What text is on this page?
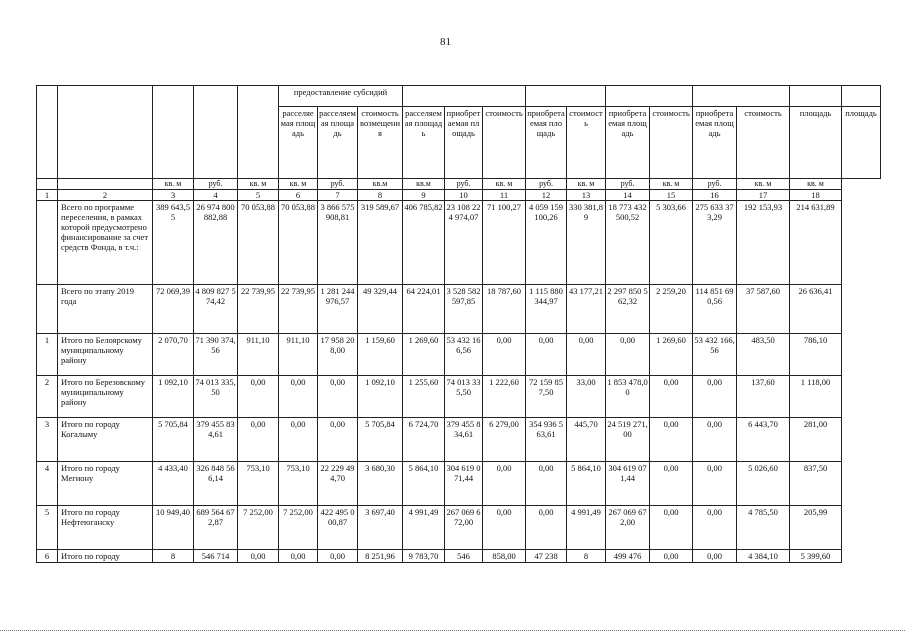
81
					предоставление субсидий													
					расселяемая площадь	расселяемая площадь	стоимость возмещения	расселяемая площадь	приобретаемая площадь	стоимость	приобретаемая площадь	стоимость	приобретаемая площадь	стоимость	приобретаемая площадь	стоимость	площадь	площадь
		кв. м	руб.	кв. м	кв. м	руб.	кв.м	кв.м	руб.	кв. м	руб.	кв. м	руб.	кв. м	руб.	кв. м	кв. м	
1	2	3	4	5	6	7	8	9	10	11	12	13	14	15	16	17	18	
	Всего по программе переселения, в рамках которой предусмотрено финансирование за счет средств Фонда, в т.ч.:	389 643,55	26 974 800 882,88	70 053,88	70 053,88	3 866 575 908,81	319 589,67	406 785,82	23 108 224 974,07	71 100,27	4 059 159 100,26	330 381,89	18 773 432 500,52	5 303,66	275 633 373,29	192 153,93	214 631,89	
	Всего по этапу 2019 года	72 069,39	4 809 827 574,42	22 739,95	22 739,95	1 281 244 976,57	49 329,44	64 224,01	3 528 582 597,85	18 787,60	1 115 880 344,97	43 177,21	2 297 850 562,32	2 259,20	114 851 690,56	37 587,60	26 636,41	
1	Итого по Белоярскому муниципальному району	2 070,70	71 390 374,56	911,10	911,10	17 958 208,00	1 159,60	1 269,60	53 432 166,56	0,00	0,00	0,00	0,00	1 269,60	53 432 166,56	483,50	786,10	
2	Итого по Березовскому муниципальному району	1 092,10	74 013 335,50	0,00	0,00	0,00	1 092,10	1 255,60	74 013 335,50	1 222,60	72 159 857,50	33,00	1 853 478,00	0,00	0,00	137,60	1 118,00	
3	Итого по городу Когалыму	5 705,84	379 455 834,61	0,00	0,00	0,00	5 705,84	6 724,70	379 455 834,61	6 279,00	354 936 563,61	445,70	24 519 271,00	0,00	0,00	6 443,70	281,00	
4	Итого по городу Мегиону	4 433,40	326 848 566,14	753,10	753,10	22 229 494,70	3 680,30	5 864,10	304 619 071,44	0,00	0,00	5 864,10	304 619 071,44	0,00	0,00	5 026,60	837,50	
5	Итого по городу Нефтеюганску	10 949,40	689 564 672,87	7 252,00	7 252,00	422 495 000,87	3 697,40	4 991,49	267 069 672,00	0,00	0,00	4 991,49	267 069 672,00	0,00	0,00	4 785,50	205,99	
6	Итого по городу	8	546 714	0,00	0,00	0,00	8 251,96	9 783,70	546	858,00	47 238	8	499 476	0,00	0,00	4 384,10	5 399,60	
